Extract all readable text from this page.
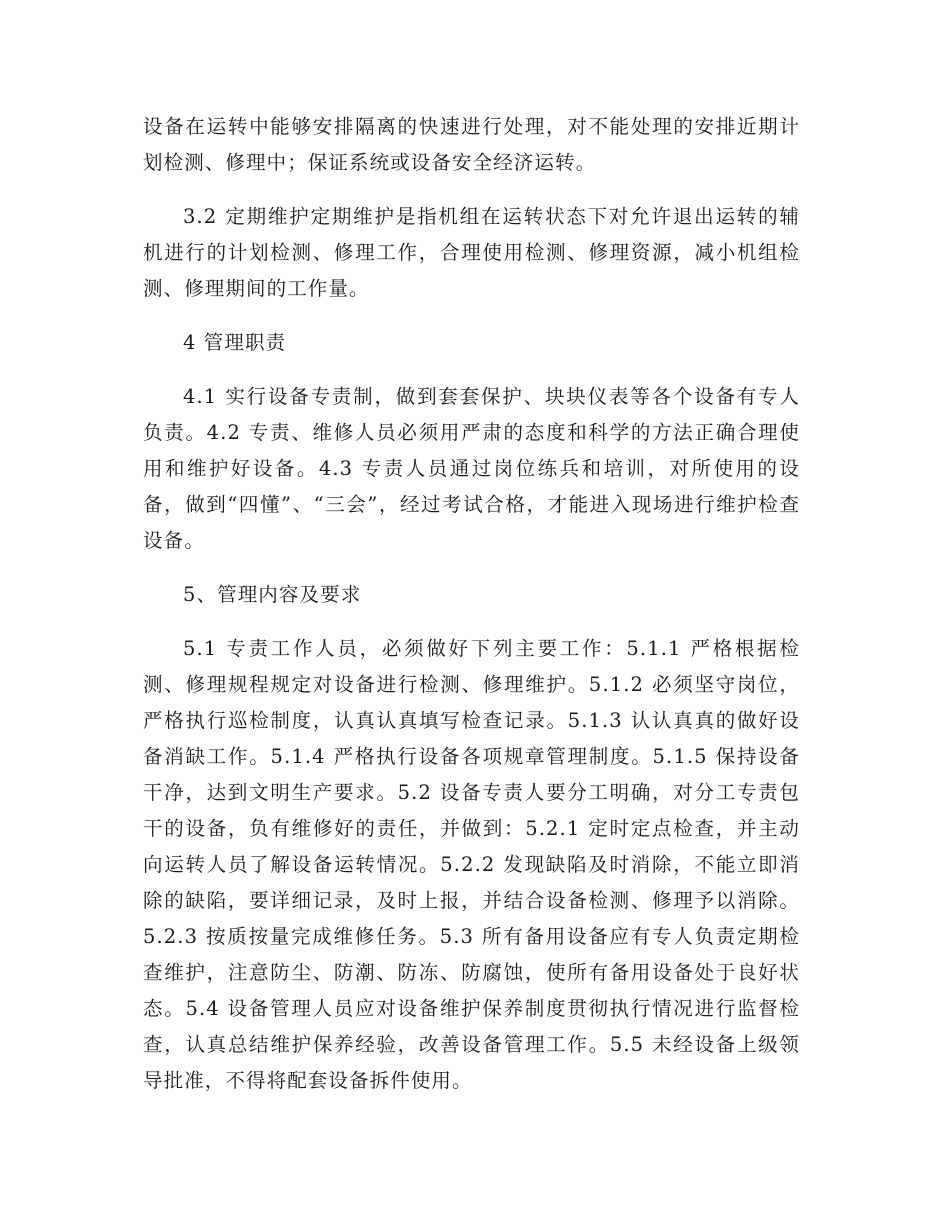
设备在运转中能够安排隔离的快速进行处理，对不能处理的安排近期计划检测、修理中；保证系统或设备安全经济运转。

3.2 定期维护定期维护是指机组在运转状态下对允许退出运转的辅机进行的计划检测、修理工作，合理使用检测、修理资源，减小机组检测、修理期间的工作量。

4 管理职责

4.1 实行设备专责制，做到套套保护、块块仪表等各个设备有专人负责。4.2 专责、维修人员必须用严肃的态度和科学的方法正确合理使用和维护好设备。4.3 专责人员通过岗位练兵和培训，对所使用的设备，做到“四懂”、“三会”，经过考试合格，才能进入现场进行维护检查设备。

5、管理内容及要求

5.1 专责工作人员，必须做好下列主要工作：5.1.1 严格根据检测、修理规程规定对设备进行检测、修理维护。5.1.2 必须坚守岗位，严格执行巡检制度，认真认真填写检查记录。5.1.3 认认真真的做好设备消缺工作。5.1.4 严格执行设备各项规章管理制度。5.1.5 保持设备干净，达到文明生产要求。5.2 设备专责人要分工明确，对分工专责包干的设备，负有维修好的责任，并做到：5.2.1 定时定点检查，并主动向运转人员了解设备运转情况。5.2.2 发现缺陷及时消除，不能立即消除的缺陷，要详细记录，及时上报，并结合设备检测、修理予以消除。5.2.3 按质按量完成维修任务。5.3 所有备用设备应有专人负责定期检查维护，注意防尘、防潮、防冻、防腐蚀，使所有备用设备处于良好状态。5.4 设备管理人员应对设备维护保养制度贯彻执行情况进行监督检查，认真总结维护保养经验，改善设备管理工作。5.5 未经设备上级领导批准，不得将配套设备拆件使用。
